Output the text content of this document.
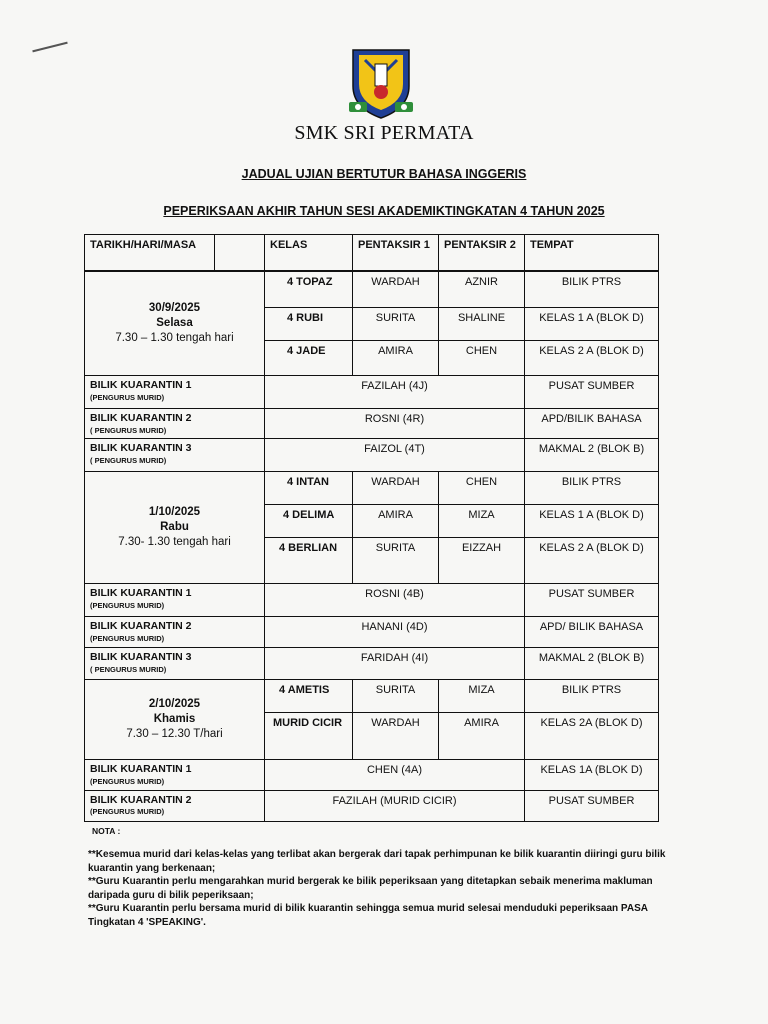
SMK SRI PERMATA
JADUAL UJIAN BERTUTUR BAHASA INGGERIS
PEPERIKSAAN AKHIR TAHUN SESI AKADEMIKTINGKATAN 4 TAHUN 2025
TARIKH/HARI/MASA		KELAS	PENTAKSIR 1	PENTAKSIR 2	TEMPAT

30/9/2025
Selasa
7.30 – 1.30 tengah hari		4 TOPAZ	WARDAH	AZNIR	BILIK PTRS
		4 RUBI	SURITA	SHALINE	KELAS 1 A (BLOK D)
		4 JADE	AMIRA	CHEN	KELAS 2 A (BLOK D)

BILIK KUARANTIN 1
(PENGURUS MURID)		FAZILAH (4J)			PUSAT SUMBER

BILIK KUARANTIN 2
( PENGURUS MURID)		ROSNI (4R)			APD/BILIK BAHASA

BILIK KUARANTIN 3
( PENGURUS MURID)		FAIZOL (4T)			MAKMAL 2 (BLOK B)

1/10/2025
Rabu
7.30- 1.30 tengah hari		4 INTAN	WARDAH	CHEN	BILIK PTRS
		4 DELIMA	AMIRA	MIZA	KELAS 1 A (BLOK D)
		4 BERLIAN	SURITA	EIZZAH	KELAS 2 A (BLOK D)

BILIK KUARANTIN 1
(PENGURUS MURID)		ROSNI (4B)			PUSAT SUMBER

BILIK KUARANTIN 2
(PENGURUS MURID)		HANANI (4D)			APD/ BILIK BAHASA

BILIK KUARANTIN 3
( PENGURUS MURID)		FARIDAH (4I)			MAKMAL 2 (BLOK B)

2/10/2025
Khamis
7.30 – 12.30 T/hari		4 AMETIS	SURITA	MIZA	BILIK PTRS
		MURID CICIR	WARDAH	AMIRA	KELAS 2A (BLOK D)

BILIK KUARANTIN 1
(PENGURUS MURID)		CHEN (4A)			KELAS 1A (BLOK D)

BILIK KUARANTIN 2
(PENGURUS MURID)		FAZILAH (MURID CICIR)			PUSAT SUMBER
NOTA :

**Kesemua murid dari kelas-kelas yang terlibat akan bergerak dari tapak perhimpunan ke bilik kuarantin diiringi guru bilik kuarantin yang berkenaan;

**Guru Kuarantin perlu mengarahkan murid bergerak ke bilik peperiksaan yang ditetapkan sebaik menerima makluman daripada guru di bilik peperiksaan;

**Guru Kuarantin perlu bersama murid di bilik kuarantin sehingga semua murid selesai menduduki peperiksaan PASA Tingkatan 4 'SPEAKING'.
